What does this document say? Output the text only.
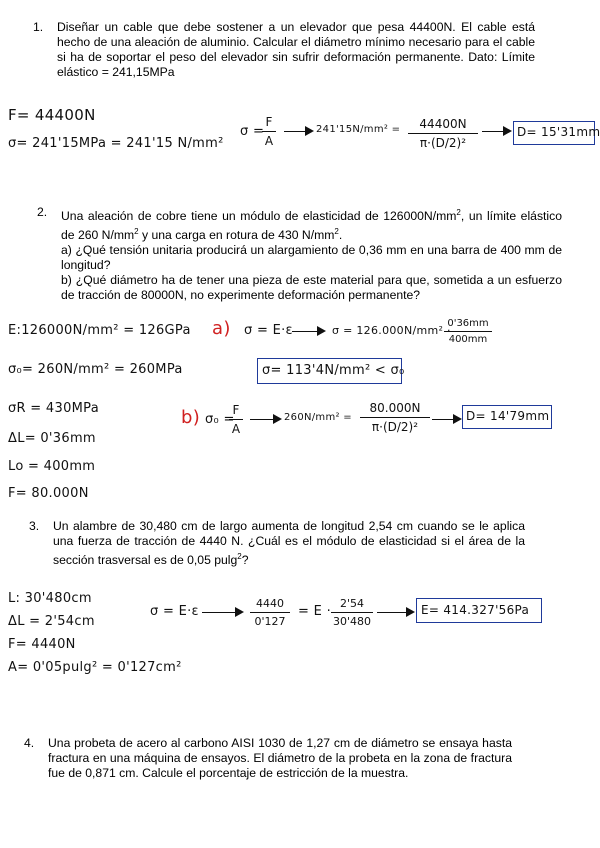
1. Diseñar un cable que debe sostener a un elevador que pesa 44400N. El cable está hecho de una aleación de aluminio. Calcular el diámetro mínimo necesario para el cable si ha de soportar el peso del elevador sin sufrir deformación permanente. Dato: Límite elástico = 241,15MPa
F= 44400N
σ= 241'15MPa = 241'15 N/mm²
σ =
F
A
241'15N/mm² =	44400N
π·(D/2)²
D= 15'31mm
2. Una aleación de cobre tiene un módulo de elasticidad de $126000N/mm^2$, un límite elástico de 260 $N/mm^2$ y una carga en rotura de 430 $N/mm^2$.
a) ¿Qué tensión unitaria producirá un alargamiento de 0,36 mm en una barra de 400 mm de longitud?
b) ¿Qué diámetro ha de tener una pieza de este material para que, sometida a un esfuerzo de tracción de 80000N, no experimente deformación permanente?
E:126000N/mm² = 126GPa
σ₀= 260N/mm² = 260MPa
σR = 430MPa
ΔL= 0'36mm
Lo = 400mm
F= 80.000N
a) σ = E·ε	σ = 126.000N/mm² ·
0'36mm
400mm
σ= 113'4N/mm² < σ₀
b) σ₀ =
F
A
260N/mm² =
80.000N
π·(D/2)²
D= 14'79mm
3. Un alambre de 30,480 cm de largo aumenta de longitud 2,54 cm cuando se le aplica una fuerza de tracción de 4440 N. ¿Cuál es el módulo de elasticidad si el área de la sección trasversal es de 0,05 pulg$^2$?
L: 30'480cm
ΔL = 2'54cm
F= 4440N
A= 0'05pulg² = 0'127cm²
σ = E·ε
4440
0'127
= E ·
2'54
30'480
E= 414.327'56Pa
4. Una probeta de acero al carbono AISI 1030 de 1,27 cm de diámetro se ensaya hasta fractura en una máquina de ensayos. El diámetro de la probeta en la zona de fractura fue de 0,871 cm. Calcule el porcentaje de estricción de la muestra.
